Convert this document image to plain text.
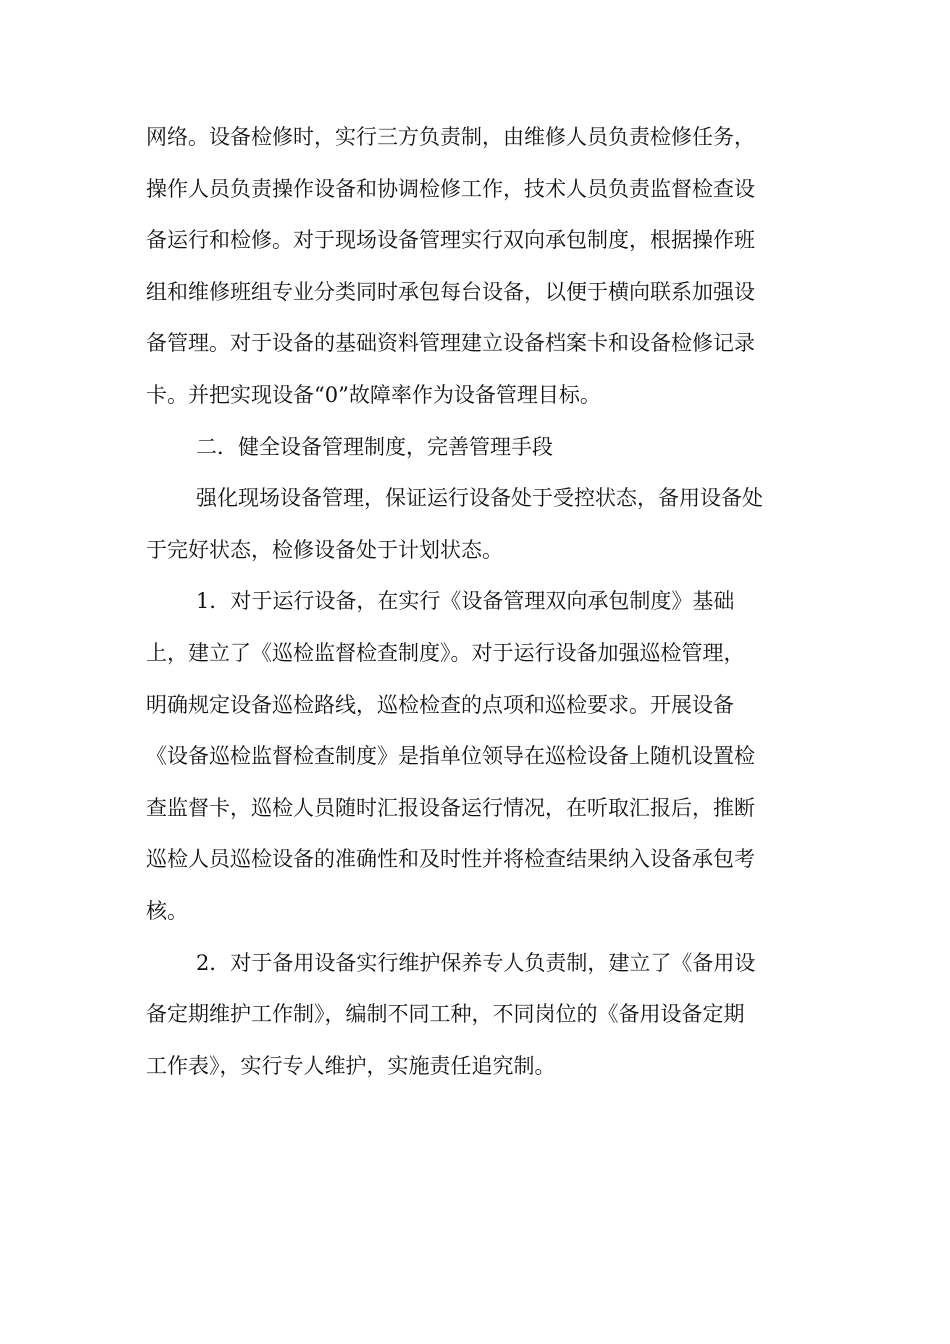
网络。设备检修时，实行三方负责制，由维修人员负责检修任务，
操作人员负责操作设备和协调检修工作，技术人员负责监督检查设
备运行和检修。对于现场设备管理实行双向承包制度，根据操作班
组和维修班组专业分类同时承包每台设备，以便于横向联系加强设
备管理。对于设备的基础资料管理建立设备档案卡和设备检修记录
卡。并把实现设备“0”故障率作为设备管理目标。
二．健全设备管理制度，完善管理手段
强化现场设备管理，保证运行设备处于受控状态，备用设备处
于完好状态，检修设备处于计划状态。
1．对于运行设备，在实行《设备管理双向承包制度》基础
上，建立了《巡检监督检查制度》。对于运行设备加强巡检管理，
明确规定设备巡检路线，巡检检查的点项和巡检要求。开展设备
《设备巡检监督检查制度》是指单位领导在巡检设备上随机设置检
查监督卡，巡检人员随时汇报设备运行情况，在听取汇报后，推断
巡检人员巡检设备的准确性和及时性并将检查结果纳入设备承包考
核。
2．对于备用设备实行维护保养专人负责制，建立了《备用设
备定期维护工作制》，编制不同工种，不同岗位的《备用设备定期
工作表》，实行专人维护，实施责任追究制。
